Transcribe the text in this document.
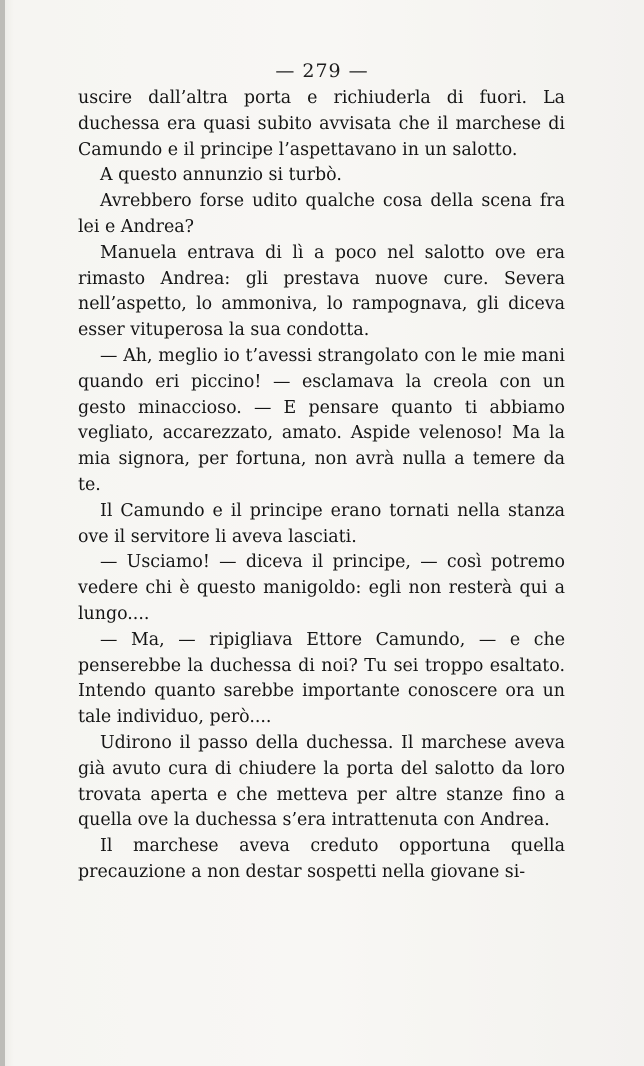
— 279 —

uscire dall’altra porta e richiuderla di fuori. La duchessa era quasi subito avvisata che il marchese di Camundo e il principe l’aspettavano in un salotto.

A questo annunzio si turbò.

Avrebbero forse udito qualche cosa della scena fra lei e Andrea?

Manuela entrava di lì a poco nel salotto ove era rimasto Andrea: gli prestava nuove cure. Severa nell’aspetto, lo ammoniva, lo rampognava, gli diceva esser vituperosa la sua condotta.

— Ah, meglio io t’avessi strangolato con le mie mani quando eri piccino! — esclamava la creola con un gesto minaccioso. — E pensare quanto ti abbiamo vegliato, accarezzato, amato. Aspide velenoso! Ma la mia signora, per fortuna, non avrà nulla a temere da te.

Il Camundo e il principe erano tornati nella stanza ove il servitore li aveva lasciati.

— Usciamo! — diceva il principe, — così potremo vedere chi è questo manigoldo: egli non resterà qui a lungo....

— Ma, — ripigliava Ettore Camundo, — e che penserebbe la duchessa di noi? Tu sei troppo esaltato. Intendo quanto sarebbe importante conoscere ora un tale individuo, però....

Udirono il passo della duchessa. Il marchese aveva già avuto cura di chiudere la porta del salotto da loro trovata aperta e che metteva per altre stanze fino a quella ove la duchessa s’era intrattenuta con Andrea.

Il marchese aveva creduto opportuna quella precauzione a non destar sospetti nella giovane si-
